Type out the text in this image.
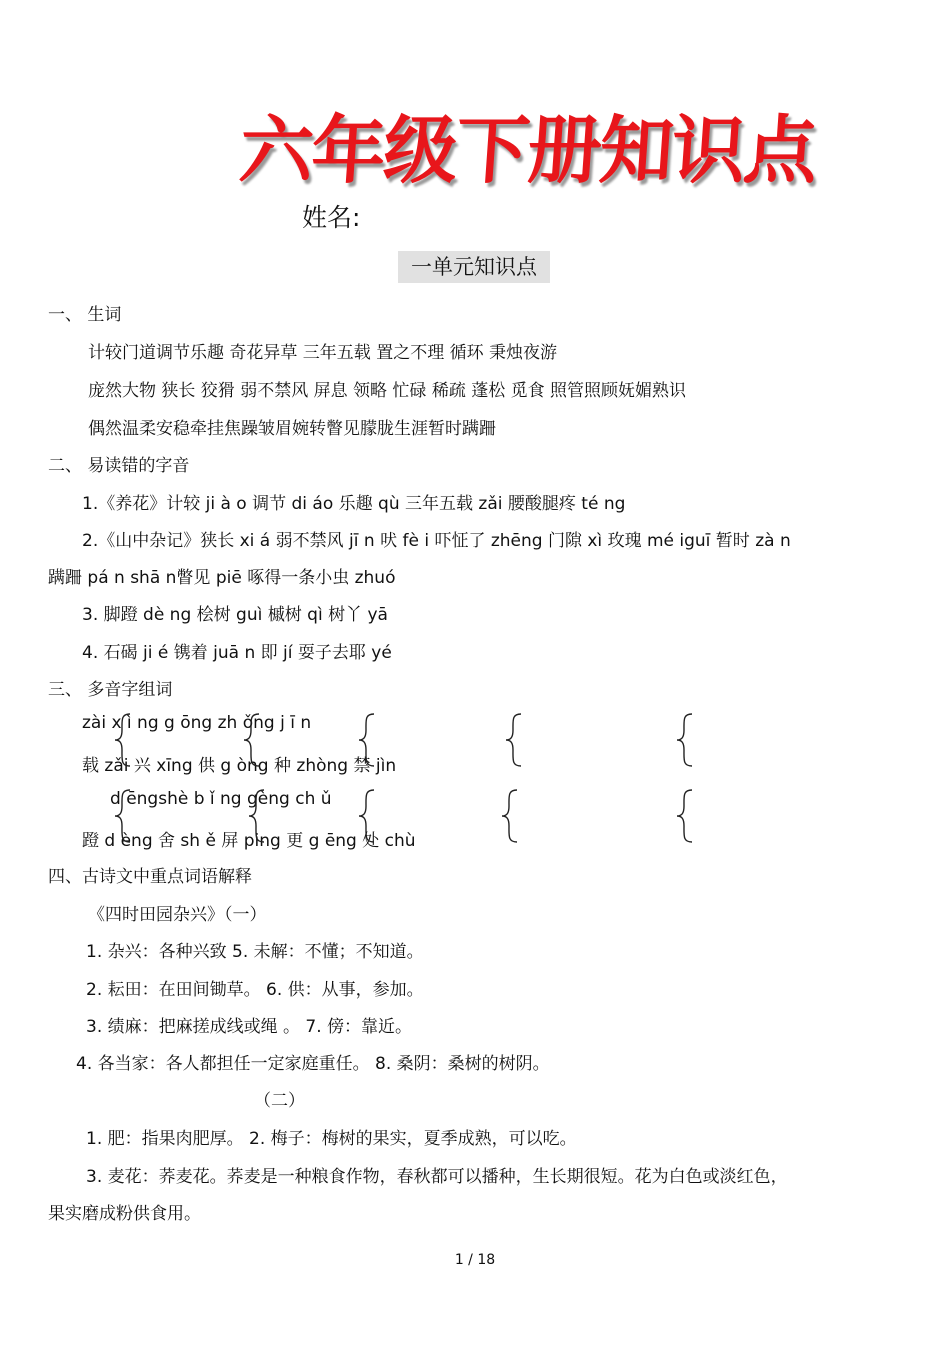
六年级下册知识点
姓名:
一单元知识点
一、 生词
计较门道调节乐趣 奇花异草 三年五载 置之不理 循环 秉烛夜游
庞然大物 狭长 狡猾 弱不禁风 屏息 领略 忙碌 稀疏 蓬松 觅食 照管照顾妩媚熟识
偶然温柔安稳牵挂焦躁皱眉婉转瞥见朦胧生涯暂时蹒跚
二、 易读错的字音
1.《养花》计较 ji à o 调节 di áo 乐趣 qù 三年五载 zǎi 腰酸腿疼 té ng
2.《山中杂记》狭长 xi á 弱不禁风 jī n 吠 fè i 吓怔了 zhēng 门隙 xì 玫瑰 mé iguī 暂时 zà n
蹒跚 pá n shā n瞥见 piē 啄得一条小虫 zhuó
3. 脚蹬 dè ng 桧树 guì 槭树 qì 树丫 yā
4. 石碣 ji é 镌着 juā n 即 jí 耍子去耶 yé
三、 多音字组词
zài x ì ng g ōng zh ǒng j ī n
载 zǎi 兴 xīng 供 g òng 种 zhòng 禁 jìn
d ēngshè b ǐ ng gèng ch ǔ
蹬 d èng 舍 sh ě 屏 ping 更 g ēng 处 chù
四、古诗文中重点词语解释
《四时田园杂兴》（一）
1. 杂兴：各种兴致 5. 未解：不懂；不知道。
2. 耘田：在田间锄草。 6. 供：从事，参加。
3. 绩麻：把麻搓成线或绳 。 7. 傍：靠近。
4. 各当家：各人都担任一定家庭重任。 8. 桑阴：桑树的树阴。
（二）
1. 肥：指果肉肥厚。 2. 梅子：梅树的果实，夏季成熟，可以吃。
3. 麦花：荞麦花。荞麦是一种粮食作物，春秋都可以播种，生长期很短。花为白色或淡红色，
果实磨成粉供食用。
1 / 18
